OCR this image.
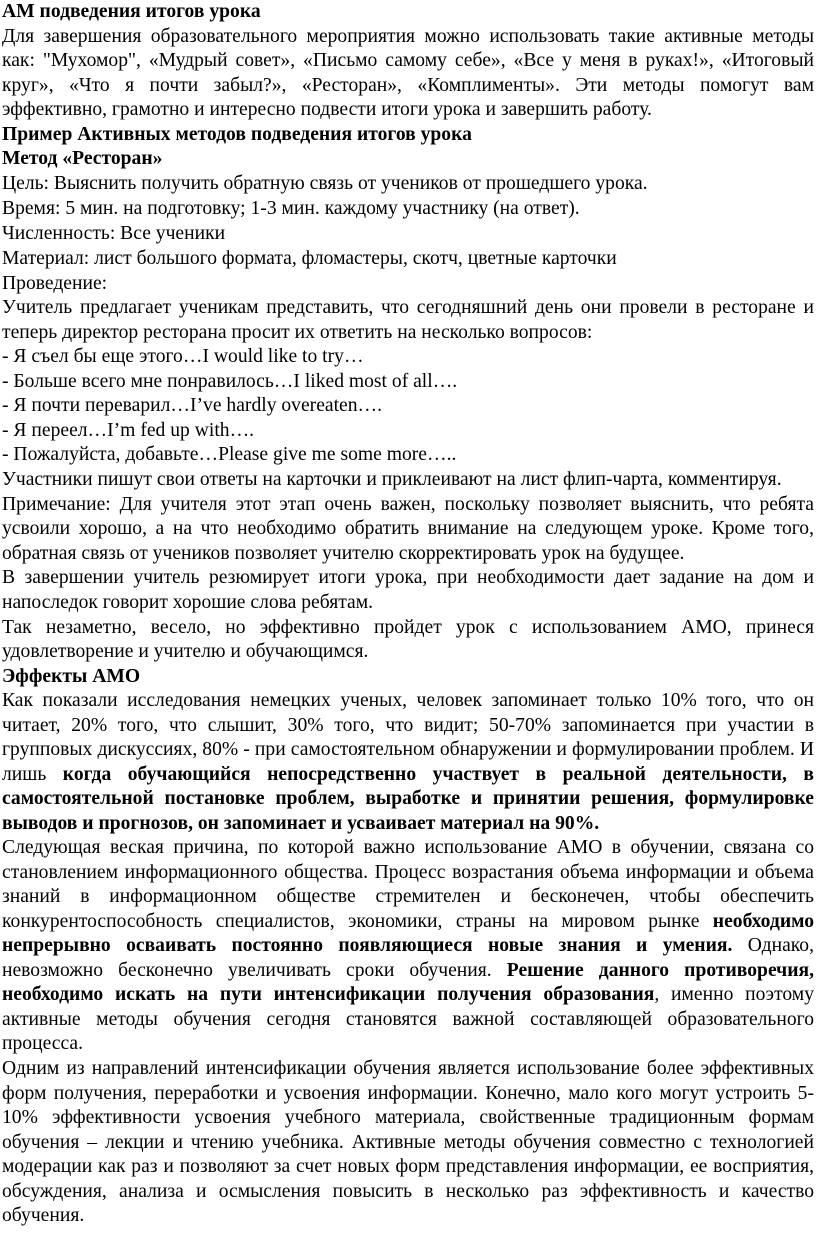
АМ подведения итогов урока

Для завершения образовательного мероприятия можно использовать такие активные методы как: "Мухомор", «Мудрый совет», «Письмо самому себе», «Все у меня в руках!», «Итоговый круг», «Что я почти забыл?», «Ресторан», «Комплименты». Эти методы помогут вам эффективно, грамотно и интересно подвести итоги урока и завершить работу.

Пример Активных методов подведения итогов урока

Метод «Ресторан»

Цель: Выяснить получить обратную связь от учеников от прошедшего урока.

Время: 5 мин. на подготовку; 1-3 мин. каждому участнику (на ответ).

Численность: Все ученики

Материал: лист большого формата, фломастеры, скотч, цветные карточки

Проведение:

Учитель предлагает ученикам представить, что сегодняшний день они провели в ресторане и теперь директор ресторана просит их ответить на несколько вопросов:

- Я съел бы еще этого…I would like to try…

- Больше всего мне понравилось…I liked most of all….

- Я почти переварил…I’ve hardly overeaten….

- Я переел…I’m fed up with….

- Пожалуйста, добавьте…Please give me some more…..

Участники пишут свои ответы на карточки и приклеивают на лист флип-чарта, комментируя.

Примечание: Для учителя этот этап очень важен, поскольку позволяет выяснить, что ребята усвоили хорошо, а на что необходимо обратить внимание на следующем уроке. Кроме того, обратная связь от учеников позволяет учителю скорректировать урок на будущее.

В завершении учитель резюмирует итоги урока, при необходимости дает задание на дом и напоследок говорит хорошие слова ребятам.

Так незаметно, весело, но эффективно пройдет урок с использованием АМО, принеся удовлетворение и учителю и обучающимся.

Эффекты АМО

Как показали исследования немецких ученых, человек запоминает только 10% того, что он читает, 20% того, что слышит, 30% того, что видит; 50-70% запоминается при участии в групповых дискуссиях, 80% - при самостоятельном обнаружении и формулировании проблем. И лишь когда обучающийся непосредственно участвует в реальной деятельности, в самостоятельной постановке проблем, выработке и принятии решения, формулировке выводов и прогнозов, он запоминает и усваивает материал на 90%.

Следующая веская причина, по которой важно использование АМО в обучении, связана со становлением информационного общества. Процесс возрастания объема информации и объема знаний в информационном обществе стремителен и бесконечен, чтобы обеспечить конкурентоспособность специалистов, экономики, страны на мировом рынке необходимо непрерывно осваивать постоянно появляющиеся новые знания и умения. Однако, невозможно бесконечно увеличивать сроки обучения. Решение данного противоречия, необходимо искать на пути интенсификации получения образования, именно поэтому активные методы обучения сегодня становятся важной составляющей образовательного процесса.

Одним из направлений интенсификации обучения является использование более эффективных форм получения, переработки и усвоения информации. Конечно, мало кого могут устроить 5-10% эффективности усвоения учебного материала, свойственные традиционным формам обучения – лекции и чтению учебника. Активные методы обучения совместно с технологией модерации как раз и позволяют за счет новых форм представления информации, ее восприятия, обсуждения, анализа и осмысления повысить в несколько раз эффективность и качество обучения.
